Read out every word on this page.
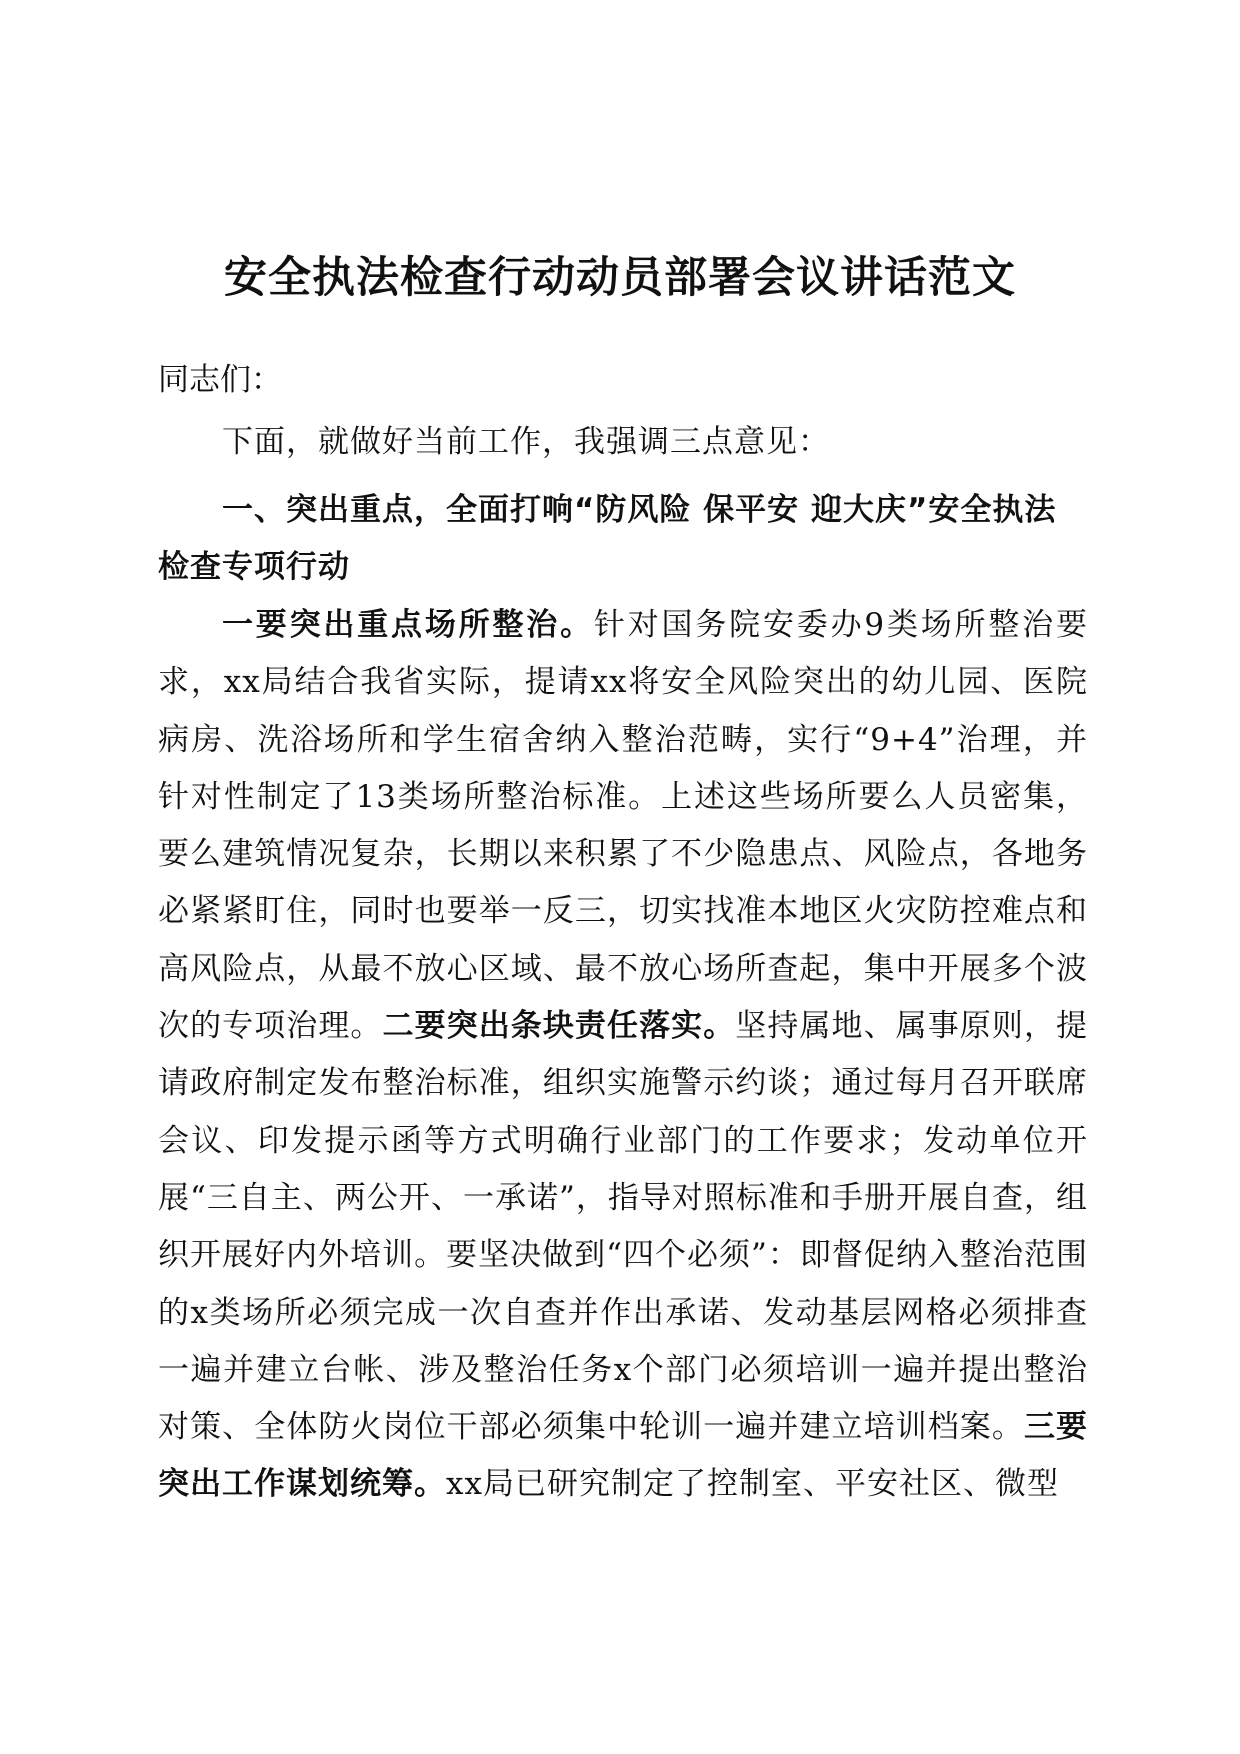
安全执法检查行动动员部署会议讲话范文
同志们：
下面，就做好当前工作，我强调三点意见：
一、突出重点，全面打响“防风险 保平安 迎大庆”安全执法检查专项行动
一要突出重点场所整治。针对国务院安委办9类场所整治要求，xx局结合我省实际，提请xx将安全风险突出的幼儿园、医院病房、洗浴场所和学生宿舍纳入整治范畴，实行“9+4”治理，并针对性制定了13类场所整治标准。上述这些场所要么人员密集，要么建筑情况复杂，长期以来积累了不少隐患点、风险点，各地务必紧紧盯住，同时也要举一反三，切实找准本地区火灾防控难点和高风险点，从最不放心区域、最不放心场所查起，集中开展多个波次的专项治理。二要突出条块责任落实。坚持属地、属事原则，提请政府制定发布整治标准，组织实施警示约谈；通过每月召开联席会议、印发提示函等方式明确行业部门的工作要求；发动单位开展“三自主、两公开、一承诺”，指导对照标准和手册开展自查，组织开展好内外培训。要坚决做到“四个必须”：即督促纳入整治范围的x类场所必须完成一次自查并作出承诺、发动基层网格必须排查一遍并建立台帐、涉及整治任务x个部门必须培训一遍并提出整治对策、全体防火岗位干部必须集中轮训一遍并建立培训档案。三要突出工作谋划统筹。xx局已研究制定了控制室、平安社区、微型
